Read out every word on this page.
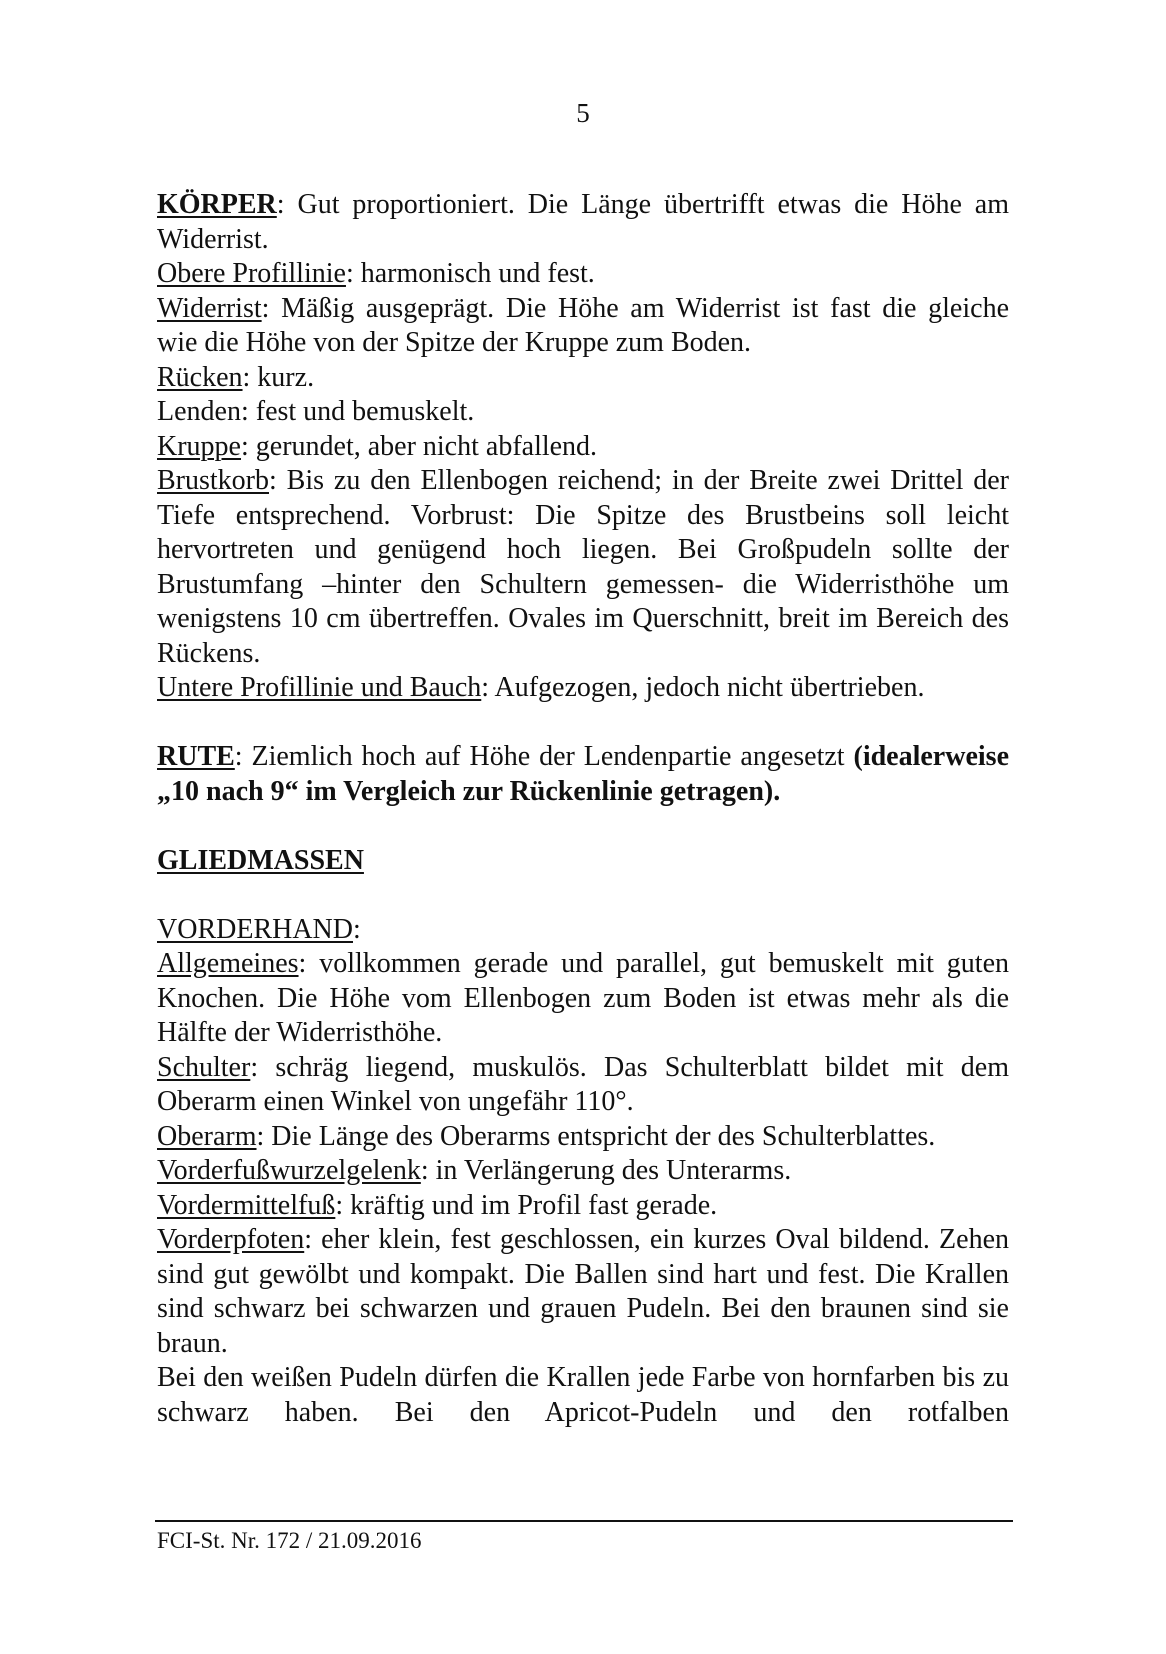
5

KÖRPER: Gut proportioniert. Die Länge übertrifft etwas die Höhe am Widerrist.

Obere Profillinie: harmonisch und fest.

Widerrist: Mäßig ausgeprägt. Die Höhe am Widerrist ist fast die gleiche wie die Höhe von der Spitze der Kruppe zum Boden.

Rücken: kurz.

Lenden: fest und bemuskelt.

Kruppe: gerundet, aber nicht abfallend.

Brustkorb: Bis zu den Ellenbogen reichend; in der Breite zwei Drittel der Tiefe entsprechend. Vorbrust: Die Spitze des Brustbeins soll leicht hervortreten und genügend hoch liegen. Bei Großpudeln sollte der Brustumfang –hinter den Schultern gemessen- die Widerristhöhe um wenigstens 10 cm übertreffen. Ovales im Querschnitt, breit im Bereich des Rückens.

Untere Profillinie und Bauch: Aufgezogen, jedoch nicht übertrieben.

RUTE: Ziemlich hoch auf Höhe der Lendenpartie angesetzt (idealerweise „10 nach 9“ im Vergleich zur Rückenlinie getragen).

GLIEDMASSEN

VORDERHAND:

Allgemeines: vollkommen gerade und parallel, gut bemuskelt mit guten Knochen. Die Höhe vom Ellenbogen zum Boden ist etwas mehr als die Hälfte der Widerristhöhe.

Schulter: schräg liegend, muskulös. Das Schulterblatt bildet mit dem Oberarm einen Winkel von ungefähr 110°.

Oberarm: Die Länge des Oberarms entspricht der des Schulterblattes.

Vorderfußwurzelgelenk: in Verlängerung des Unterarms.

Vordermittelfuß: kräftig und im Profil fast gerade.

Vorderpfoten: eher klein, fest geschlossen, ein kurzes Oval bildend. Zehen sind gut gewölbt und kompakt. Die Ballen sind hart und fest. Die Krallen sind schwarz bei schwarzen und grauen Pudeln. Bei den braunen sind sie braun.

Bei den weißen Pudeln dürfen die Krallen jede Farbe von hornfarben bis zu schwarz haben. Bei den Apricot-Pudeln und den rotfalben

FCI-St. Nr. 172 / 21.09.2016
